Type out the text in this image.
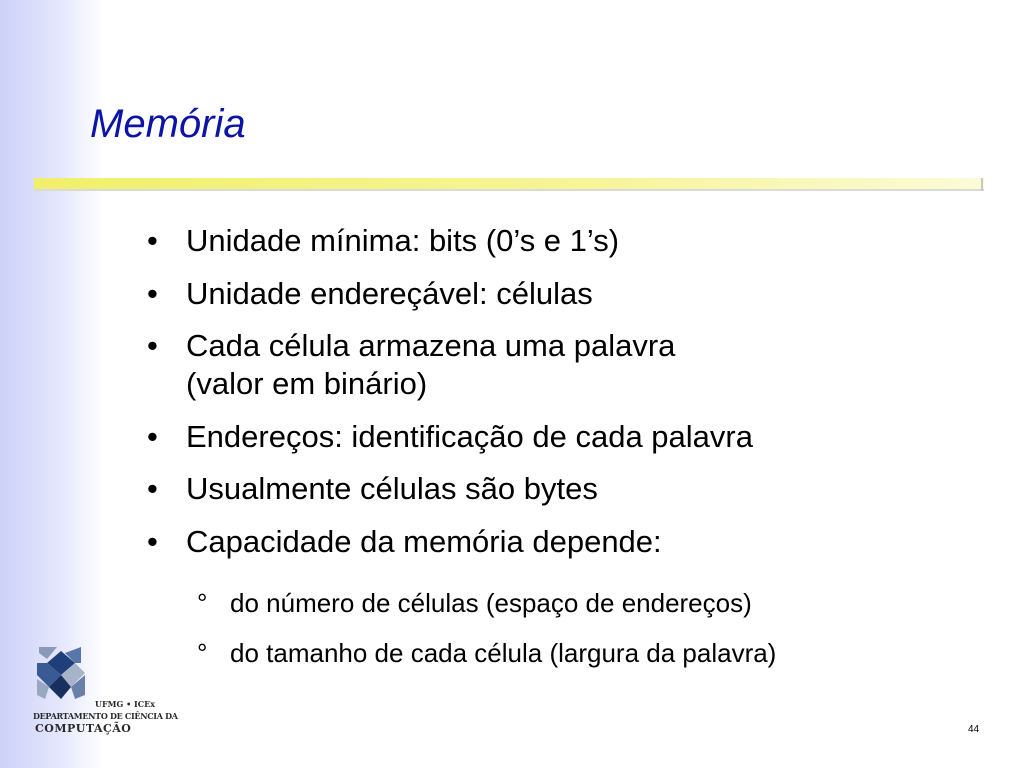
Memória
• Unidade mínima: bits (0’s e 1’s)
• Unidade endereçável: células
• Cada célula armazena uma palavra
(valor em binário)
• Endereços: identificação de cada palavra
• Usualmente células são bytes
• Capacidade da memória depende:
° do número de células (espaço de endereços)
° do tamanho de cada célula (largura da palavra)
UFMG • ICEx
DEPARTAMENTO DE CIÊNCIA DA
COMPUTAÇÃO	44
